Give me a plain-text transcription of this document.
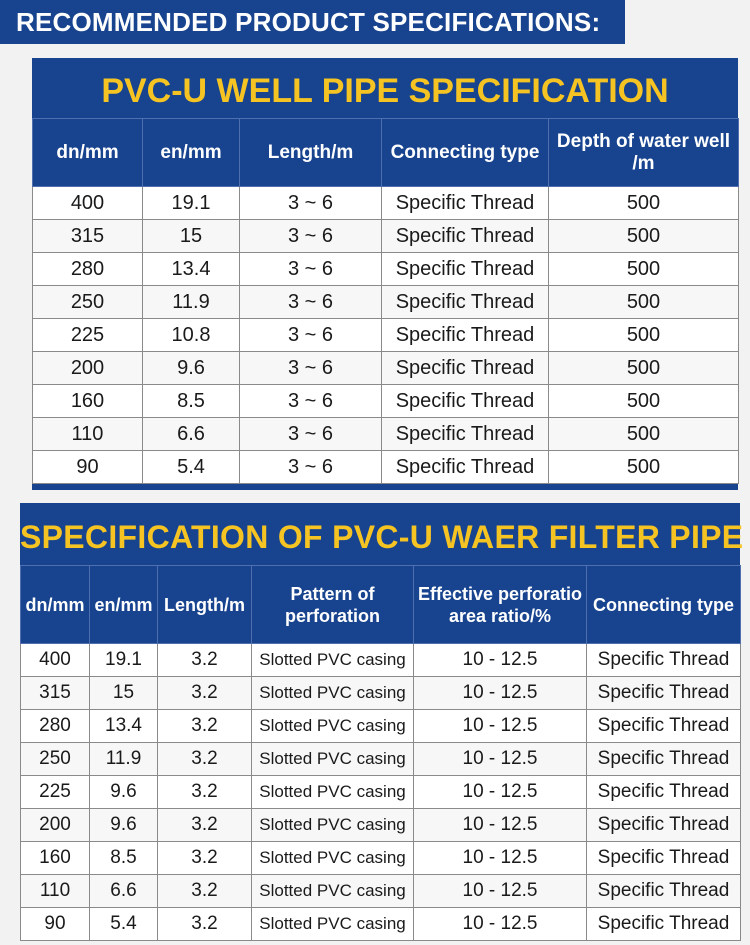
RECOMMENDED PRODUCT SPECIFICATIONS:
PVC-U WELL PIPE SPECIFICATION
dn/mm	en/mm	Length/m	Connecting type	Depth of water well /m
400	19.1	3 ~ 6	Specific Thread	500
315	15	3 ~ 6	Specific Thread	500
280	13.4	3 ~ 6	Specific Thread	500
250	11.9	3 ~ 6	Specific Thread	500
225	10.8	3 ~ 6	Specific Thread	500
200	9.6	3 ~ 6	Specific Thread	500
160	8.5	3 ~ 6	Specific Thread	500
110	6.6	3 ~ 6	Specific Thread	500
90	5.4	3 ~ 6	Specific Thread	500
SPECIFICATION OF PVC-U WAER FILTER PIPE
dn/mm	en/mm	Length/m	Pattern of perforation	Effective perforatio area ratio/%	Connecting type
400	19.1	3.2	Slotted PVC casing	10 - 12.5	Specific Thread
315	15	3.2	Slotted PVC casing	10 - 12.5	Specific Thread
280	13.4	3.2	Slotted PVC casing	10 - 12.5	Specific Thread
250	11.9	3.2	Slotted PVC casing	10 - 12.5	Specific Thread
225	9.6	3.2	Slotted PVC casing	10 - 12.5	Specific Thread
200	9.6	3.2	Slotted PVC casing	10 - 12.5	Specific Thread
160	8.5	3.2	Slotted PVC casing	10 - 12.5	Specific Thread
110	6.6	3.2	Slotted PVC casing	10 - 12.5	Specific Thread
90	5.4	3.2	Slotted PVC casing	10 - 12.5	Specific Thread
